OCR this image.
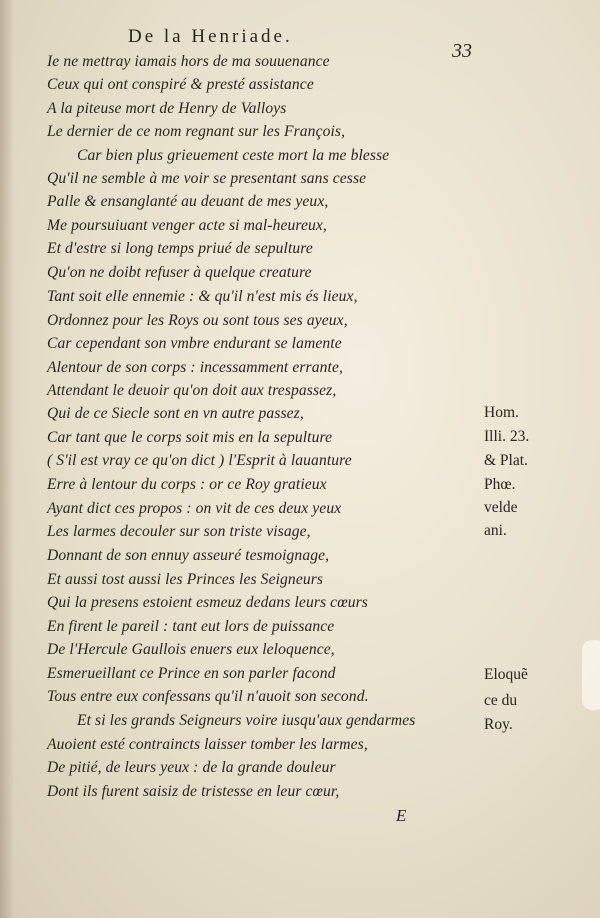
De la Henriade.
33
Ie ne mettray iamais hors de ma souuenance
Ceux qui ont conspiré & presté assistance
A la piteuse mort de Henry de Valloys
Le dernier de ce nom regnant sur les François,
Car bien plus grieuement ceste mort la me blesse
Qu'il ne semble à me voir se presentant sans cesse
Palle & ensanglanté au deuant de mes yeux,
Me poursuiuant venger acte si mal-heureux,
Et d'estre si long temps priué de sepulture
Qu'on ne doibt refuser à quelque creature
Tant soit elle ennemie : & qu'il n'est mis és lieux,
Ordonnez pour les Roys ou sont tous ses ayeux,
Car cependant son vmbre endurant se lamente
Alentour de son corps : incessamment errante,
Attendant le deuoir qu'on doit aux trespassez,
Qui de ce Siecle sont en vn autre passez,
Car tant que le corps soit mis en la sepulture
( S'il est vray ce qu'on dict ) l'Esprit à lauanture
Erre à lentour du corps : or ce Roy gratieux
Ayant dict ces propos : on vit de ces deux yeux
Les larmes decouler sur son triste visage,
Donnant de son ennuy asseuré tesmoignage,
Et aussi tost aussi les Princes les Seigneurs
Qui la presens estoient esmeuz dedans leurs cœurs
En firent le pareil : tant eut lors de puissance
De l'Hercule Gaullois enuers eux leloquence,
Esmerueillant ce Prince en son parler facond
Tous entre eux confessans qu'il n'auoit son second.
Et si les grands Seigneurs voire iusqu'aux gendarmes
Auoient esté contraincts laisser tomber les larmes,
De pitié, de leurs yeux : de la grande douleur
Dont ils furent saisiz de tristesse en leur cœur,
Hom.
Illi. 23.
& Plat.
Phœ.
velde
ani.
Eloquẽ
ce du
Roy.
E
